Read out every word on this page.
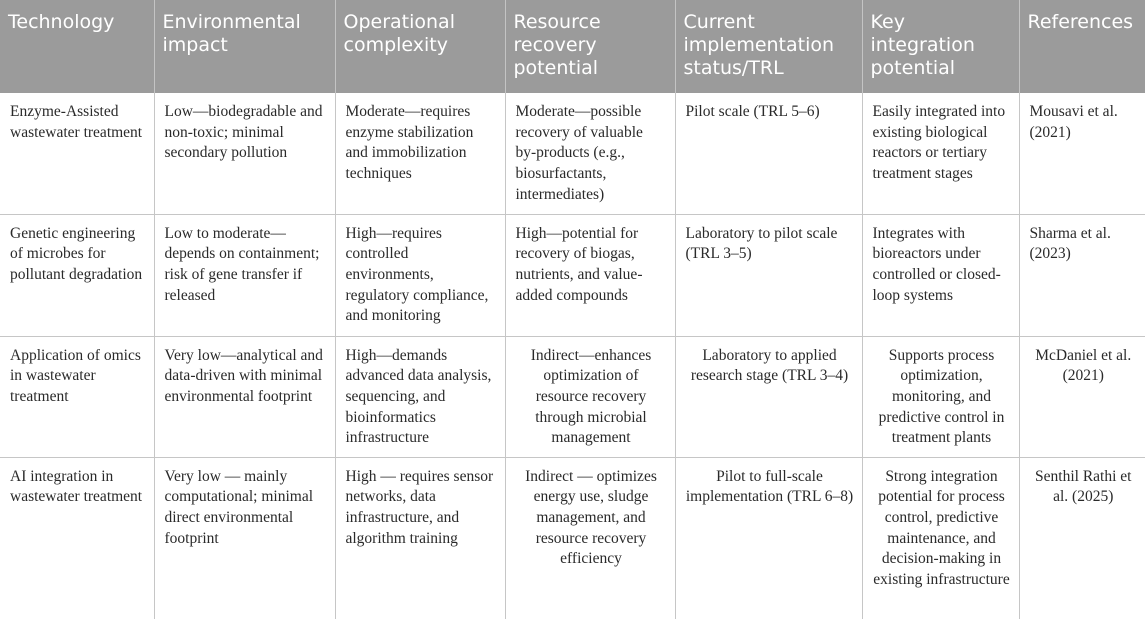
Technology	Environmental impact	Operational complexity	Resource recovery potential	Current implementation status/TRL	Key integration potential	References
Enzyme-Assisted wastewater treatment	Low—biodegradable and non-toxic; minimal secondary pollution	Moderate—requires enzyme stabilization and immobilization techniques	Moderate—possible recovery of valuable by-products (e.g., biosurfactants, intermediates)	Pilot scale (TRL 5–6)	Easily integrated into existing biological reactors or tertiary treatment stages	Mousavi et al. (2021)
Genetic engineering of microbes for pollutant degradation	Low to moderate—depends on containment; risk of gene transfer if released	High—requires controlled environments, regulatory compliance, and monitoring	High—potential for recovery of biogas, nutrients, and value-added compounds	Laboratory to pilot scale (TRL 3–5)	Integrates with bioreactors under controlled or closed-loop systems	Sharma et al. (2023)
Application of omics in wastewater treatment	Very low—analytical and data-driven with minimal environmental footprint	High—demands advanced data analysis, sequencing, and bioinformatics infrastructure	Indirect—enhances optimization of resource recovery through microbial management	Laboratory to applied research stage (TRL 3–4)	Supports process optimization, monitoring, and predictive control in treatment plants	McDaniel et al. (2021)
AI integration in wastewater treatment	Very low — mainly computational; minimal direct environmental footprint	High — requires sensor networks, data infrastructure, and algorithm training	Indirect — optimizes energy use, sludge management, and resource recovery efficiency	Pilot to full-scale implementation (TRL 6–8)	Strong integration potential for process control, predictive maintenance, and decision-making in existing infrastructure	Senthil Rathi et al. (2025)
